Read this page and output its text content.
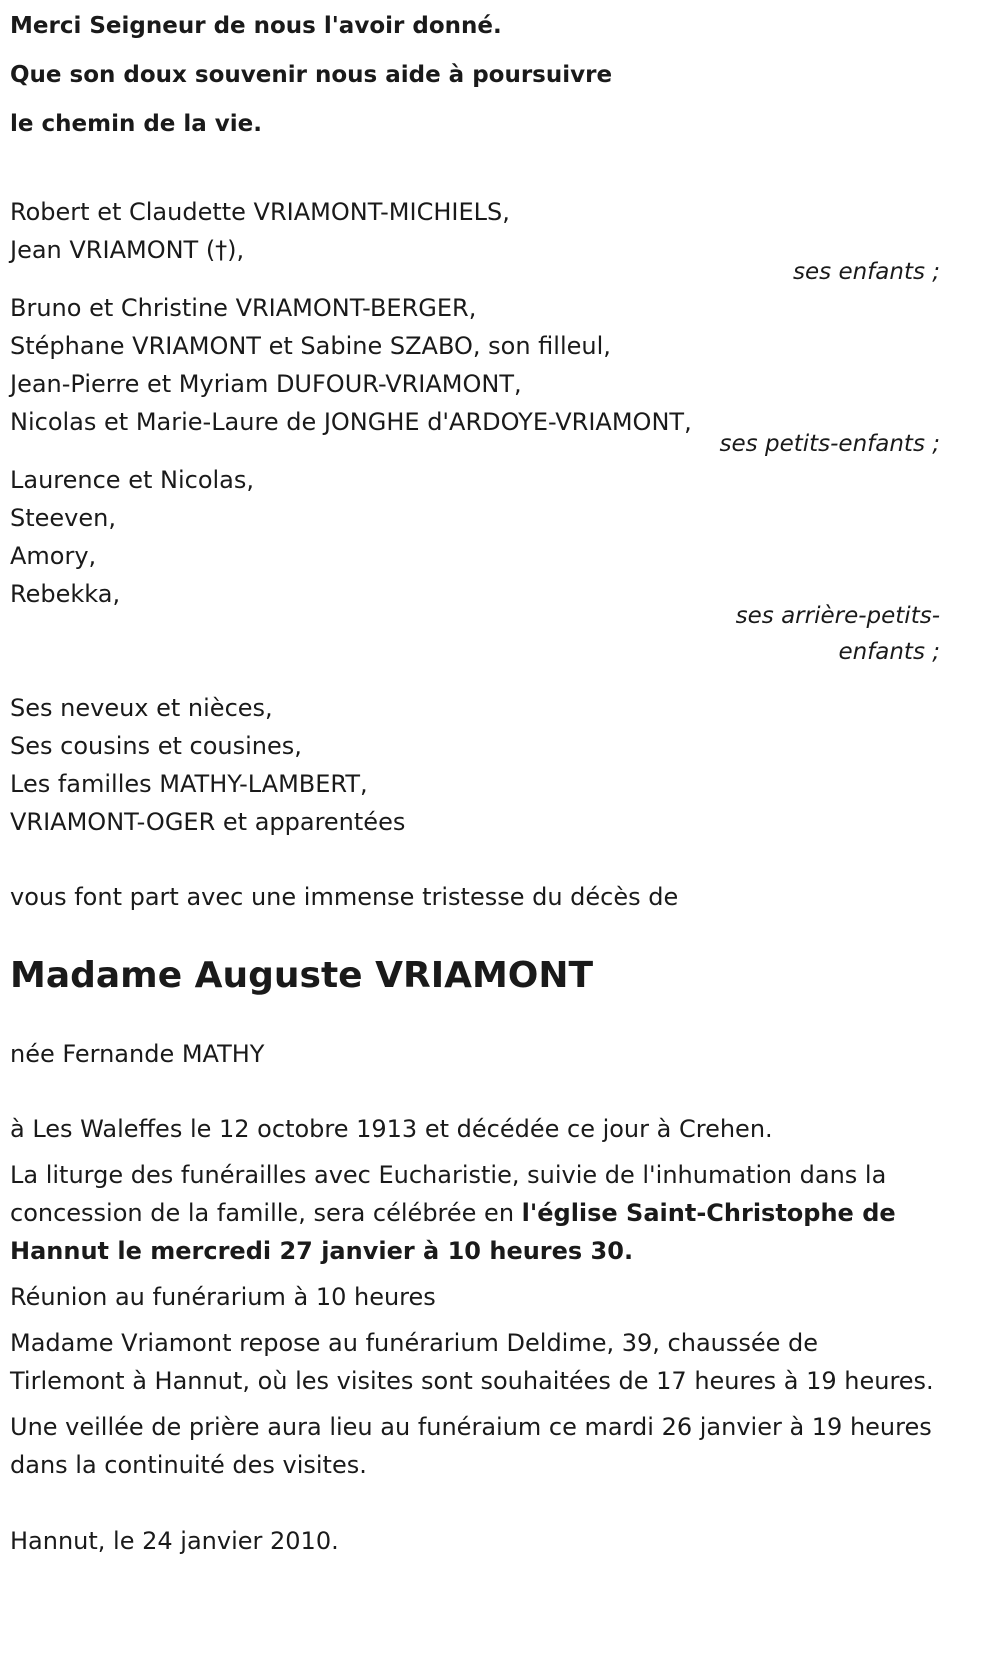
Merci Seigneur de nous l'avoir donné.
Que son doux souvenir nous aide à poursuivre
le chemin de la vie.
Robert et Claudette VRIAMONT-MICHIELS,
Jean VRIAMONT (†),
ses enfants ;
Bruno et Christine VRIAMONT-BERGER,
Stéphane VRIAMONT et Sabine SZABO, son filleul,
Jean-Pierre et Myriam DUFOUR-VRIAMONT,
Nicolas et Marie-Laure de JONGHE d'ARDOYE-VRIAMONT,
ses petits-enfants ;
Laurence et Nicolas,
Steeven,
Amory,
Rebekka,
ses arrière-petits-
enfants ;
Ses neveux et nièces,
Ses cousins et cousines,
Les familles MATHY-LAMBERT,
VRIAMONT-OGER et apparentées
vous font part avec une immense tristesse du décès de
Madame Auguste VRIAMONT
née Fernande MATHY
à Les Waleffes le 12 octobre 1913 et décédée ce jour à Crehen.
La liturge des funérailles avec Eucharistie, suivie de l'inhumation dans la concession de la famille, sera célébrée en l'église Saint-Christophe de Hannut le mercredi 27 janvier à 10 heures 30.
Réunion au funérarium à 10 heures
Madame Vriamont repose au funérarium Deldime, 39, chaussée de Tirlemont à Hannut, où les visites sont souhaitées de 17 heures à 19 heures.
Une veillée de prière aura lieu au funéraium ce mardi 26 janvier à 19 heures dans la continuité des visites.
Hannut, le 24 janvier 2010.
